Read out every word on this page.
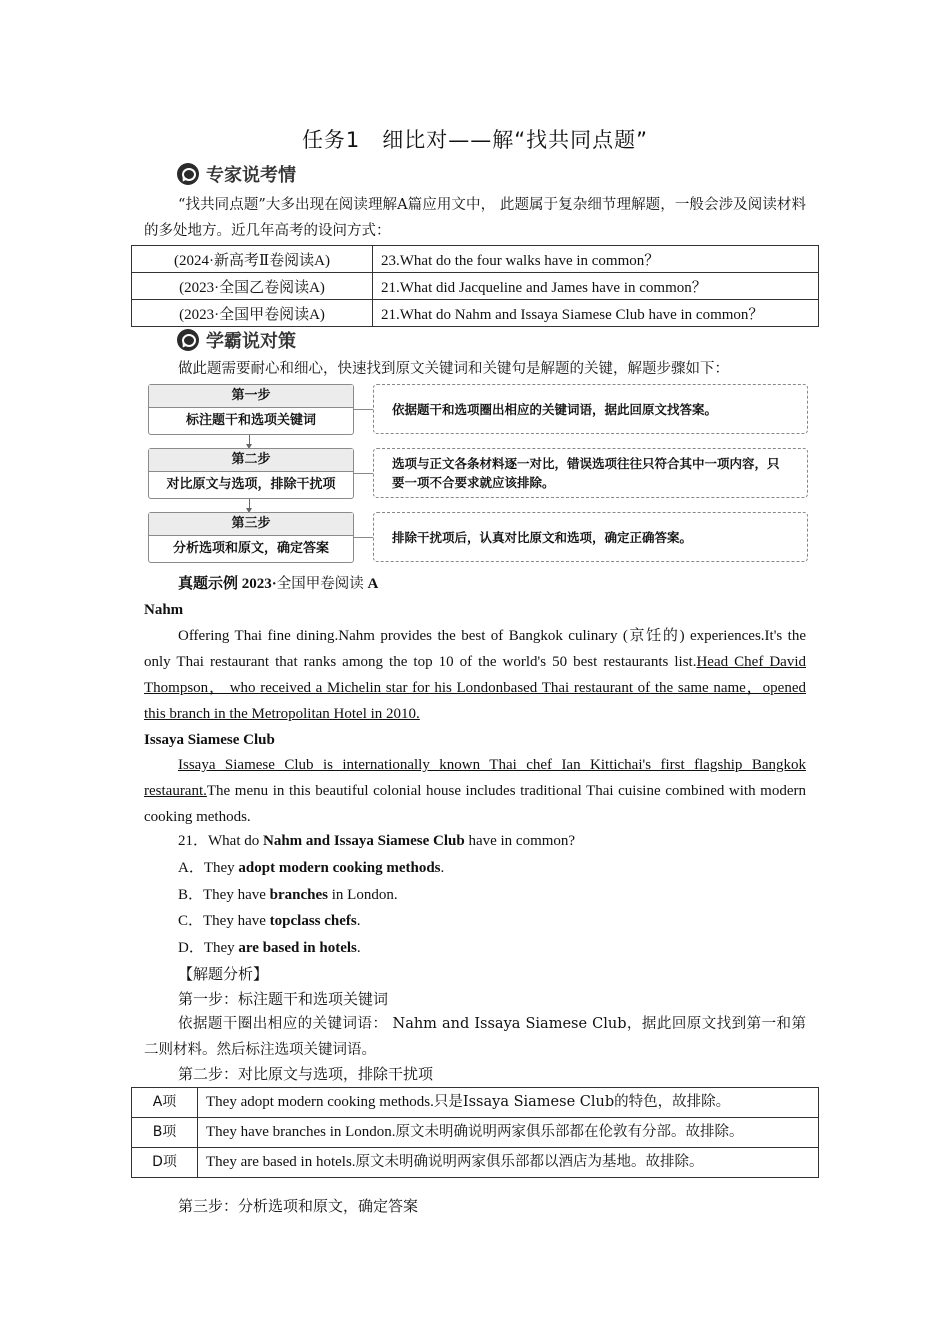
任务1　细比对——解“找共同点题”
专家说考情
“找共同点题”大多出现在阅读理解A篇应用文中， 此题属于复杂细节理解题，一般会涉及阅读材料的多处地方。近几年高考的设问方式：
(2024·新高考Ⅱ卷阅读A)	23.What do the four walks have in common？
(2023·全国乙卷阅读A)	21.What did Jacqueline and James have in common？
(2023·全国甲卷阅读A)	21.What do Nahm and Issaya Siamese Club have in common？
学霸说对策
做此题需要耐心和细心，快速找到原文关键词和关键句是解题的关键，解题步骤如下：
第一步
标注题干和选项关键词
依据题干和选项圈出相应的关键词语，据此回原文找答案。
第二步
对比原文与选项，排除干扰项
选项与正文各条材料逐一对比，错误选项往往只符合其中一项内容，只要一项不合要求就应该排除。
第三步
分析选项和原文，确定答案
排除干扰项后，认真对比原文和选项，确定正确答案。
真题示例 2023·全国甲卷阅读 A
Nahm
Offering Thai fine dining.Nahm provides the best of Bangkok culinary (京饪的) experiences.It's the only Thai restaurant that ranks among the top 10 of the world's 50 best restaurants list.Head Chef David Thompson， who received a Michelin star for his Londonbased Thai restaurant of the same name，opened this branch in the Metropolitan Hotel in 2010.
Issaya Siamese Club
Issaya Siamese Club is internationally known Thai chef Ian Kittichai's first flagship Bangkok restaurant.The menu in this beautiful colonial house includes traditional Thai cuisine combined with modern cooking methods.
21．What do Nahm and Issaya Siamese Club have in common?
A．They adopt modern cooking methods.
B．They have branches in London.
C．They have topclass chefs.
D．They are based in hotels.
【解题分析】
第一步：标注题干和选项关键词
依据题干圈出相应的关键词语： Nahm and Issaya Siamese Club，据此回原文找到第一和第二则材料。然后标注选项关键词语。
第二步：对比原文与选项，排除干扰项
A项	They adopt modern cooking methods.只是Issaya Siamese Club的特色，故排除。
B项	They have branches in London.原文未明确说明两家俱乐部都在伦敦有分部。故排除。
D项	They are based in hotels.原文未明确说明两家俱乐部都以酒店为基地。故排除。
第三步：分析选项和原文，确定答案
